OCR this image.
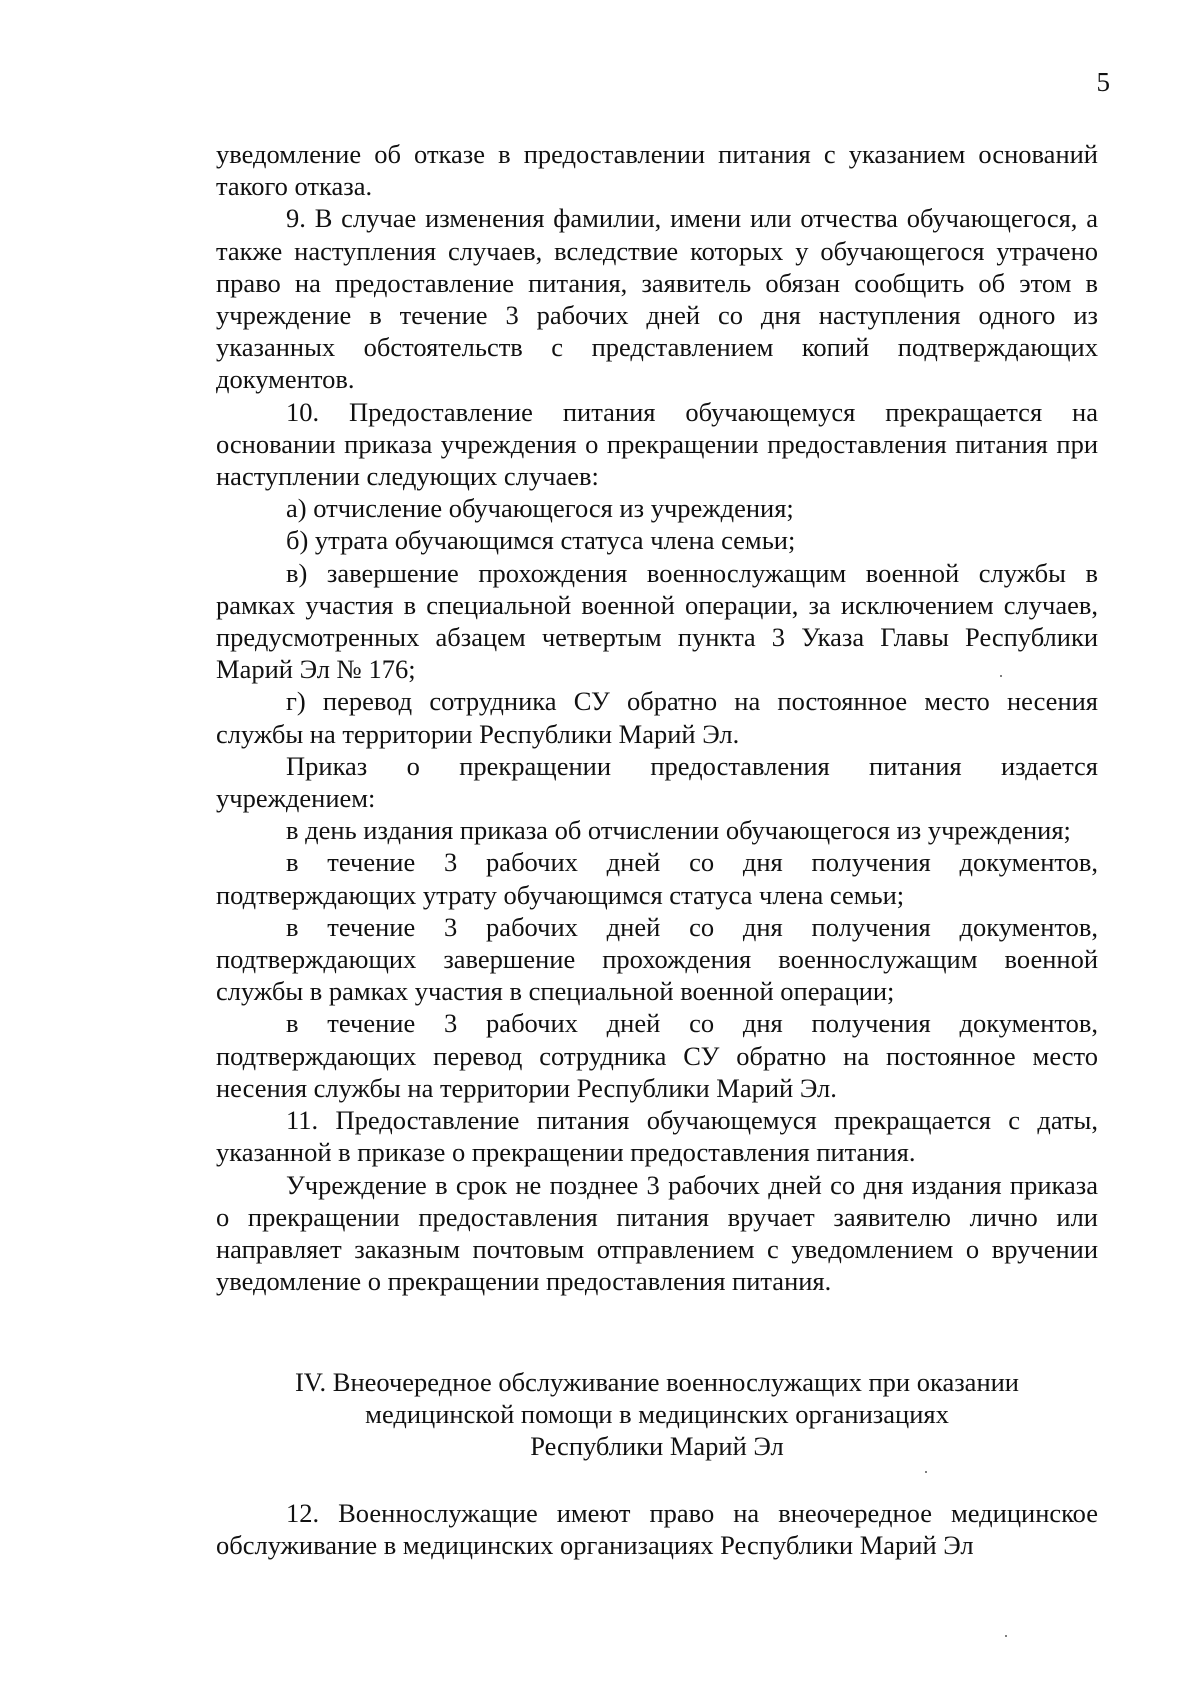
5

уведомление об отказе в предоставлении питания с указанием оснований такого отказа.

9. В случае изменения фамилии, имени или отчества обучающегося, а также наступления случаев, вследствие которых у обучающегося утрачено право на предоставление питания, заявитель обязан сообщить об этом в учреждение в течение 3 рабочих дней со дня наступления одного из указанных обстоятельств с представлением копий подтверждающих документов.

10. Предоставление питания обучающемуся прекращается на основании приказа учреждения о прекращении предоставления питания при наступлении следующих случаев:

а) отчисление обучающегося из учреждения;

б) утрата обучающимся статуса члена семьи;

в) завершение прохождения военнослужащим военной службы в рамках участия в специальной военной операции, за исключением случаев, предусмотренных абзацем четвертым пункта 3 Указа Главы Республики Марий Эл № 176;

г) перевод сотрудника СУ обратно на постоянное место несения службы на территории Республики Марий Эл.

Приказ о прекращении предоставления питания издается учреждением:

в день издания приказа об отчислении обучающегося из учреждения;

в течение 3 рабочих дней со дня получения документов, подтверждающих утрату обучающимся статуса члена семьи;

в течение 3 рабочих дней со дня получения документов, подтверждающих завершение прохождения военнослужащим военной службы в рамках участия в специальной военной операции;

в течение 3 рабочих дней со дня получения документов, подтверждающих перевод сотрудника СУ обратно на постоянное место несения службы на территории Республики Марий Эл.

11. Предоставление питания обучающемуся прекращается с даты, указанной в приказе о прекращении предоставления питания.

Учреждение в срок не позднее 3 рабочих дней со дня издания приказа о прекращении предоставления питания вручает заявителю лично или направляет заказным почтовым отправлением с уведомлением о вручении уведомление о прекращении предоставления питания.

IV. Внеочередное обслуживание военнослужащих при оказании
медицинской помощи в медицинских организациях
Республики Марий Эл

12. Военнослужащие имеют право на внеочередное медицинское обслуживание в медицинских организациях Республики Марий Эл
